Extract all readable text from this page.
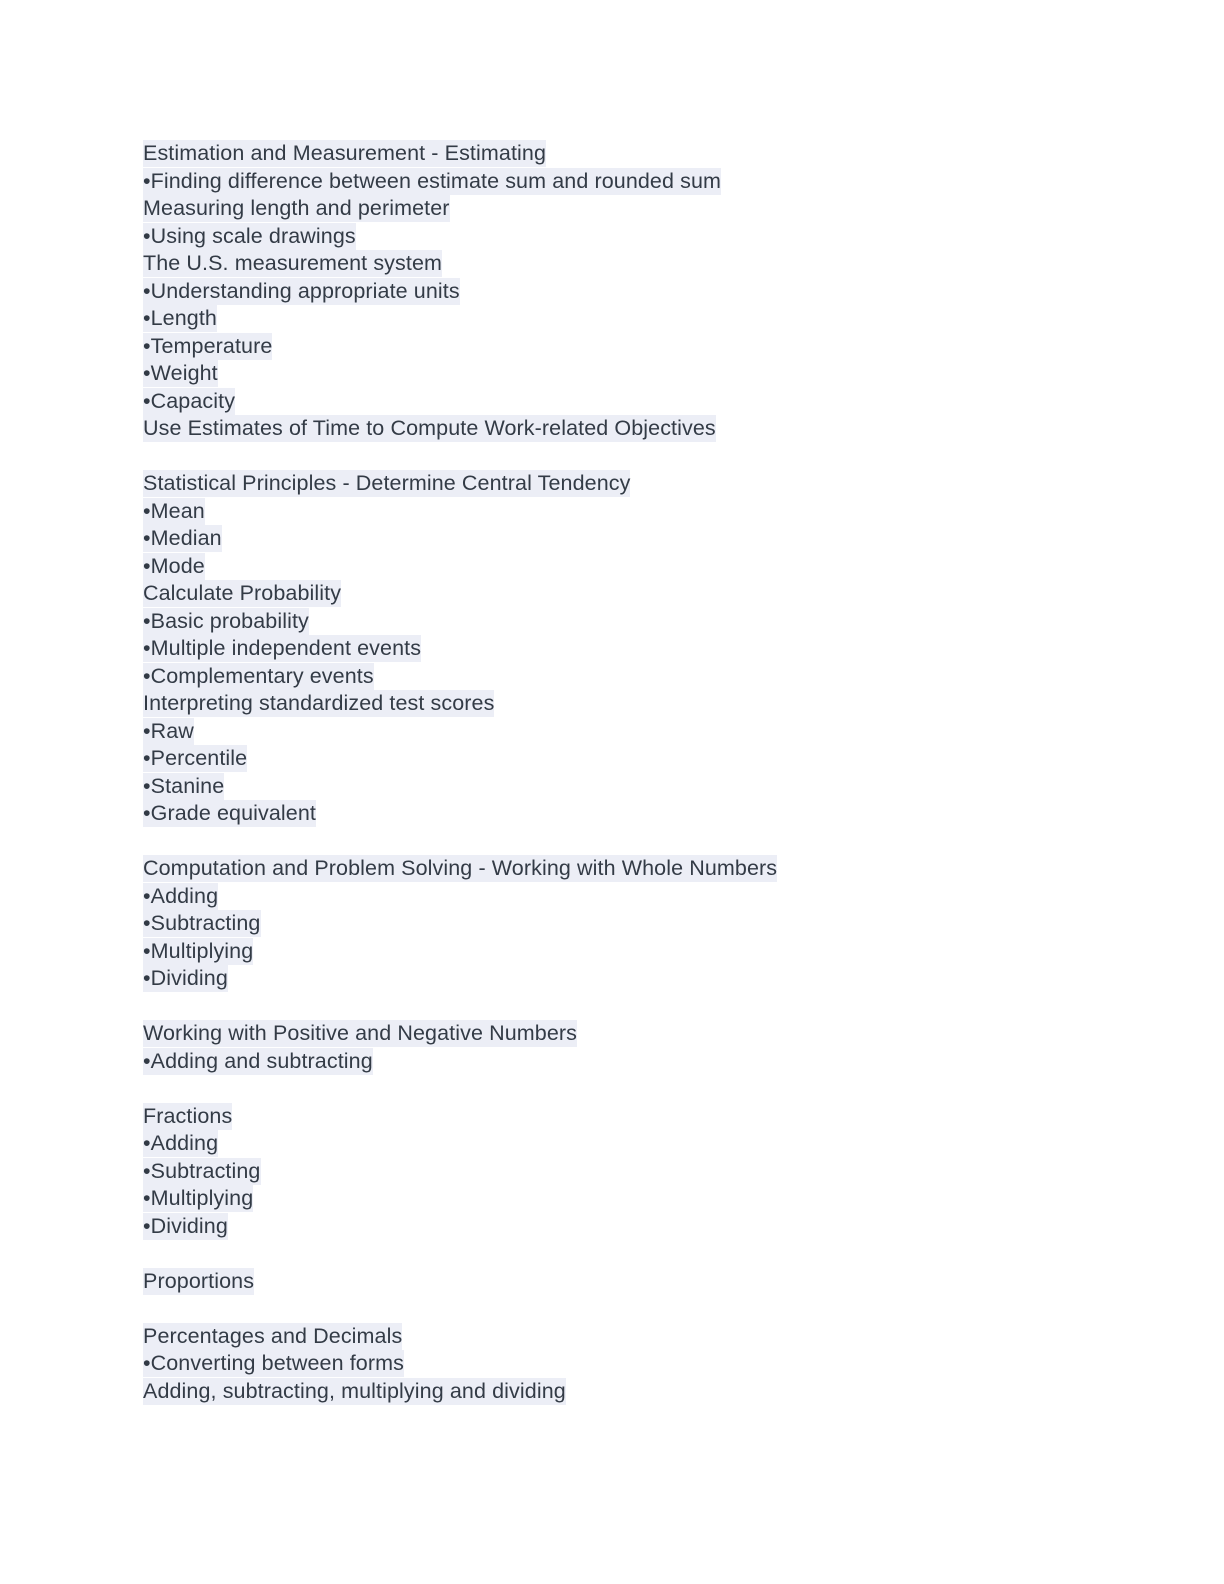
Estimation and Measurement - Estimating
•Finding difference between estimate sum and rounded sum
Measuring length and perimeter
•Using scale drawings
The U.S. measurement system
•Understanding appropriate units
•Length
•Temperature
•Weight
•Capacity
Use Estimates of Time to Compute Work-related Objectives
Statistical Principles - Determine Central Tendency
•Mean
•Median
•Mode
Calculate Probability
•Basic probability
•Multiple independent events
•Complementary events
Interpreting standardized test scores
•Raw
•Percentile
•Stanine
•Grade equivalent
Computation and Problem Solving - Working with Whole Numbers
•Adding
•Subtracting
•Multiplying
•Dividing
Working with Positive and Negative Numbers
•Adding and subtracting
Fractions
•Adding
•Subtracting
•Multiplying
•Dividing
Proportions
Percentages and Decimals
•Converting between forms
Adding, subtracting, multiplying and dividing
